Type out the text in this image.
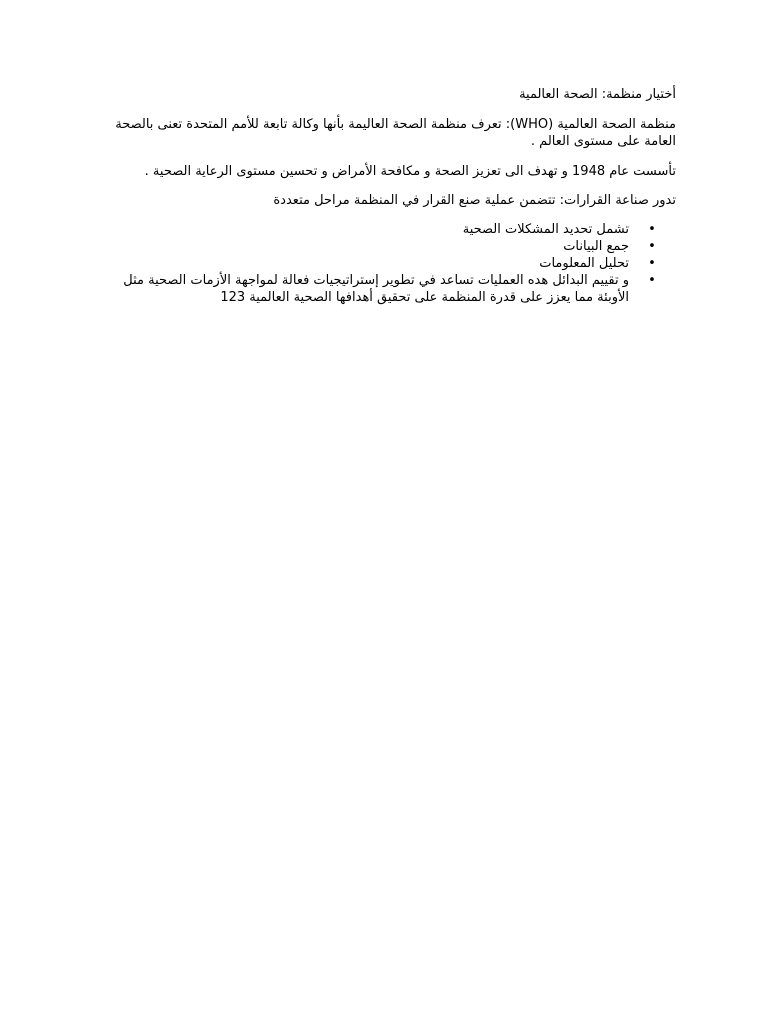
أختيار منظمة: الصحة العالمية

منظمة الصحة العالمية (WHO): تعرف منظمة الصحة العاليمة بأنها وكالة تابعة للأمم المتحدة تعنى بالصحة العامة على مستوى العالم .

تأسست عام 1948 و تهدف الى تعزيز الصحة و مكافحة الأمراض و تحسين مستوى الرعاية الصحية .

تدور صناعة القرارات: تتضمن عملية صنع القرار في المنظمة مراحل متعددة

•
تشمل تحديد المشكلات الصحية
•
جمع البيانات
•
تحليل المعلومات
•
و تقييم البدائل هده العمليات تساعد في تطوير إستراتيجيات فعالة لمواجهة الأزمات الصحية مثل الأوبئة مما يعزز على قدرة المنظمة على تحقيق أهدافها الصحية العالمية 123
